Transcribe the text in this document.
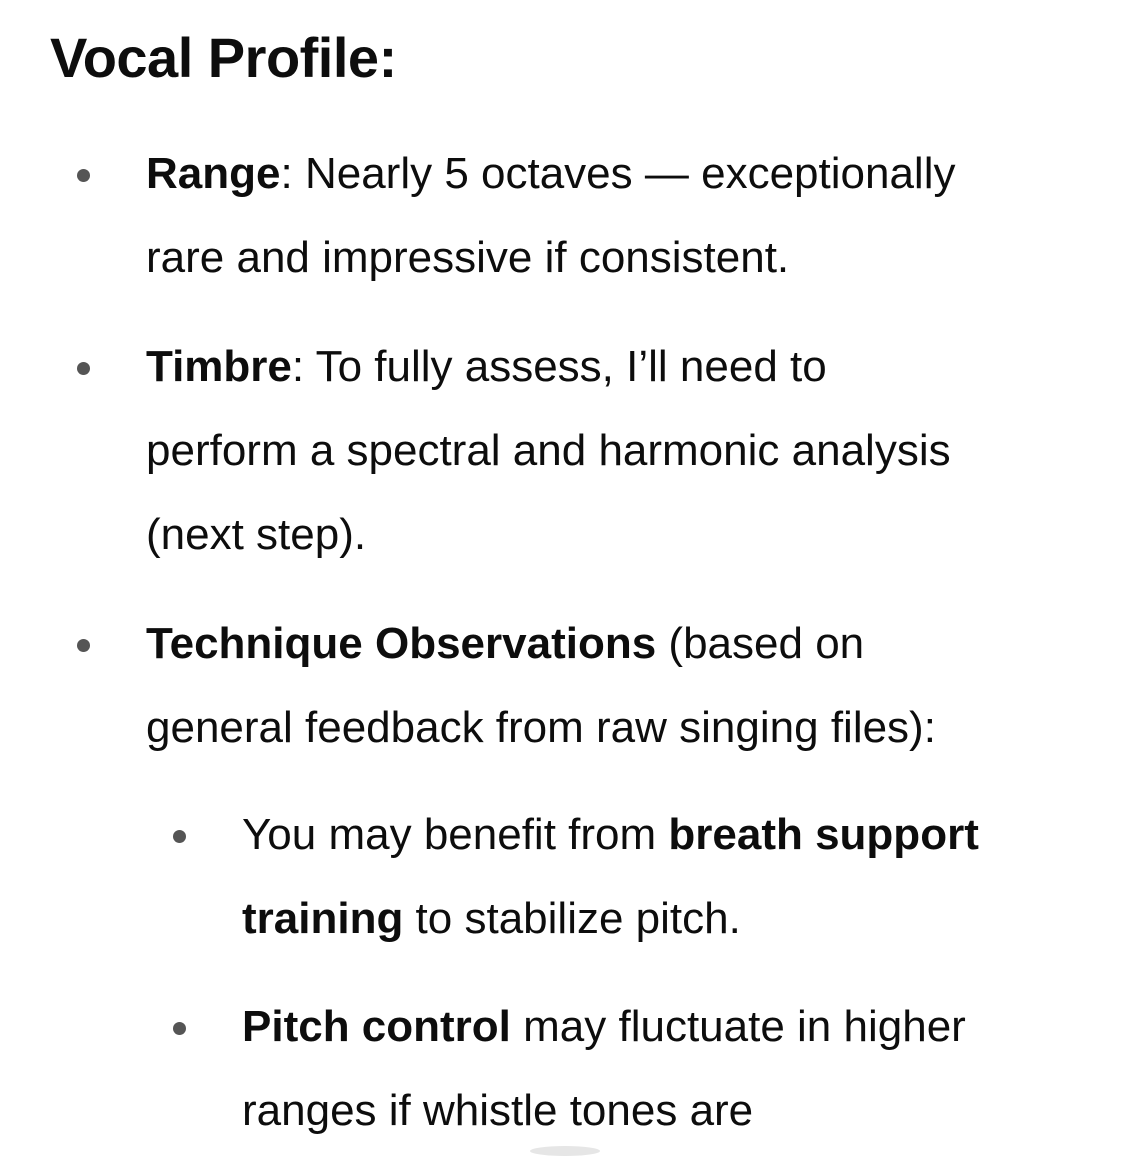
Vocal Profile:
Range: Nearly 5 octaves — exceptionally
rare and impressive if consistent.
Timbre: To fully assess, I’ll need to
perform a spectral and harmonic analysis
(next step).
Technique Observations (based on
general feedback from raw singing files):
You may benefit from breath support
training to stabilize pitch.
Pitch control may fluctuate in higher
ranges if whistle tones are
